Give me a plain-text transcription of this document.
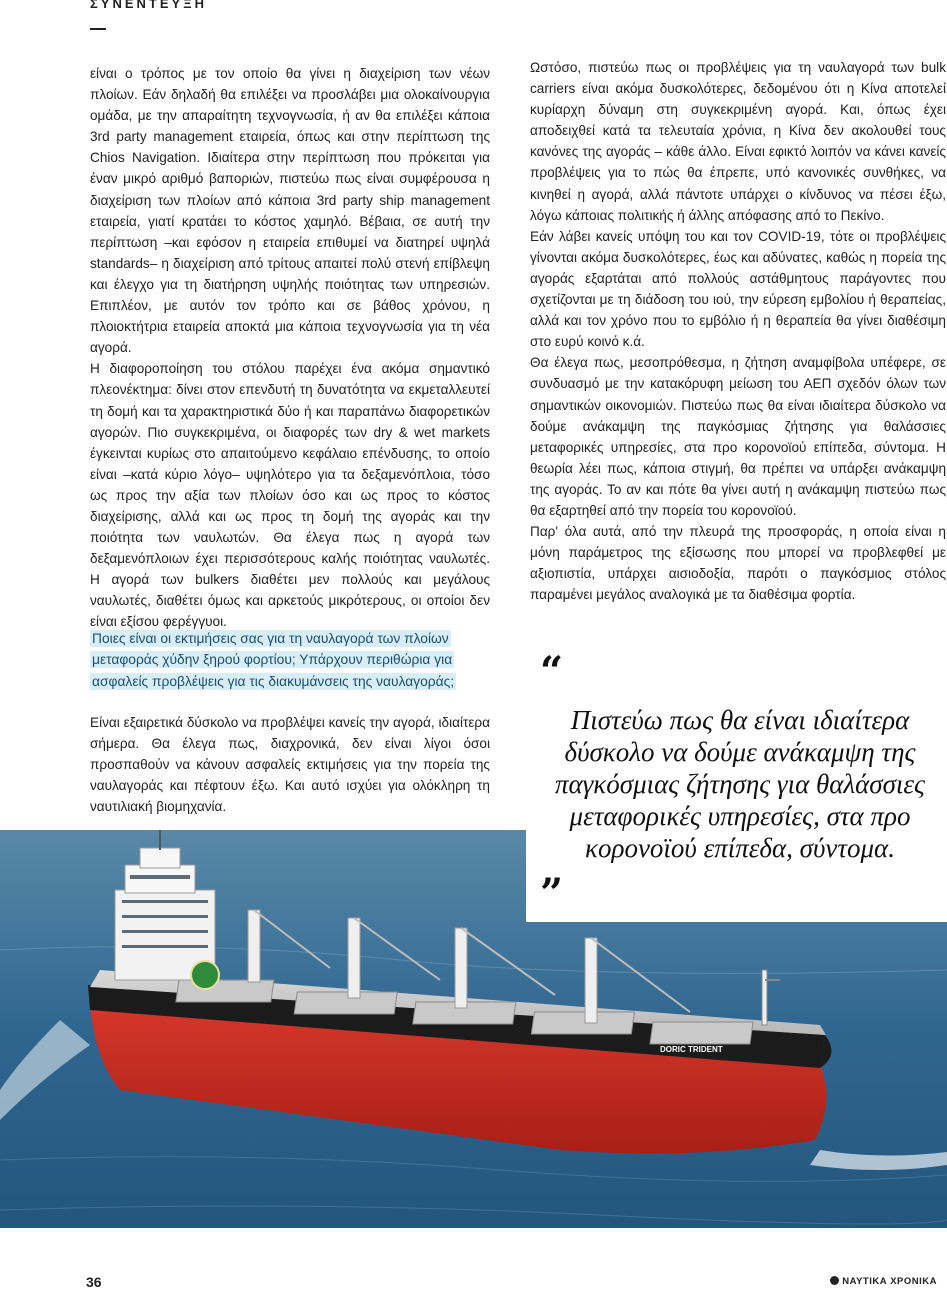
ΣΥΝΕΝΤΕΥΞΗ

είναι ο τρόπος με τον οποίο θα γίνει η διαχείριση των νέων πλοίων. Εάν δηλαδή θα επιλέξει να προσλάβει μια ολοκαίνουργια ομάδα, με την απαραίτητη τεχνογνωσία, ή αν θα επιλέξει κάποια 3rd party management εταιρεία, όπως και στην περίπτωση της Chios Navigation. Ιδιαίτερα στην περίπτωση που πρόκειται για έναν μικρό αριθμό βαποριών, πιστεύω πως είναι συμφέρουσα η διαχείριση των πλοίων από κάποια 3rd party ship management εταιρεία, γιατί κρατάει το κόστος χαμηλό. Βέβαια, σε αυτή την περίπτωση –και εφόσον η εταιρεία επιθυμεί να διατηρεί υψηλά standards– η διαχείριση από τρίτους απαιτεί πολύ στενή επίβλεψη και έλεγχο για τη διατήρηση υψηλής ποιότητας των υπηρεσιών. Επιπλέον, με αυτόν τον τρόπο και σε βάθος χρόνου, η πλοιοκτήτρια εταιρεία αποκτά μια κάποια τεχνογνωσία για τη νέα αγορά.

Η διαφοροποίηση του στόλου παρέχει ένα ακόμα σημαντικό πλεονέκτημα: δίνει στον επενδυτή τη δυνατότητα να εκμεταλλευτεί τη δομή και τα χαρακτηριστικά δύο ή και παραπάνω διαφορετικών αγορών. Πιο συγκεκριμένα, οι διαφορές των dry & wet markets έγκεινται κυρίως στο απαιτούμενο κεφάλαιο επένδυσης, το οποίο είναι –κατά κύριο λόγο– υψηλότερο για τα δεξαμενόπλοια, τόσο ως προς την αξία των πλοίων όσο και ως προς το κόστος διαχείρισης, αλλά και ως προς τη δομή της αγοράς και την ποιότητα των ναυλωτών. Θα έλεγα πως η αγορά των δεξαμενόπλοιων έχει περισσότερους καλής ποιότητας ναυλωτές. Η αγορά των bulkers διαθέτει μεν πολλούς και μεγάλους ναυλωτές, διαθέτει όμως και αρκετούς μικρότερους, οι οποίοι δεν είναι εξίσου φερέγγυοι.

Ποιες είναι οι εκτιμήσεις σας για τη ναυλαγορά των πλοίων μεταφοράς χύδην ξηρού φορτίου; Υπάρχουν περιθώρια για ασφαλείς προβλέψεις για τις διακυμάνσεις της ναυλαγοράς;
Είναι εξαιρετικά δύσκολο να προβλέψει κανείς την αγορά, ιδιαίτερα σήμερα. Θα έλεγα πως, διαχρονικά, δεν είναι λίγοι όσοι προσπαθούν να κάνουν ασφαλείς εκτιμήσεις για την πορεία της ναυλαγοράς και πέφτουν έξω. Και αυτό ισχύει για ολόκληρη τη ναυτιλιακή βιομηχανία.

Ωστόσο, πιστεύω πως οι προβλέψεις για τη ναυλαγορά των bulk carriers είναι ακόμα δυσκολότερες, δεδομένου ότι η Κίνα αποτελεί κυρίαρχη δύναμη στη συγκεκριμένη αγορά. Και, όπως έχει αποδειχθεί κατά τα τελευταία χρόνια, η Κίνα δεν ακολουθεί τους κανόνες της αγοράς – κάθε άλλο. Είναι εφικτό λοιπόν να κάνει κανείς προβλέψεις για το πώς θα έπρεπε, υπό κανονικές συνθήκες, να κινηθεί η αγορά, αλλά πάντοτε υπάρχει ο κίνδυνος να πέσει έξω, λόγω κάποιας πολιτικής ή άλλης απόφασης από το Πεκίνο.

Εάν λάβει κανείς υπόψη του και τον COVID-19, τότε οι προβλέψεις γίνονται ακόμα δυσκολότερες, έως και αδύνατες, καθώς η πορεία της αγοράς εξαρτάται από πολλούς αστάθμητους παράγοντες που σχετίζονται με τη διάδοση του ιού, την εύρεση εμβολίου ή θεραπείας, αλλά και τον χρόνο που το εμβόλιο ή η θεραπεία θα γίνει διαθέσιμη στο ευρύ κοινό κ.ά.

Θα έλεγα πως, μεσοπρόθεσμα, η ζήτηση αναμφίβολα υπέφερε, σε συνδυασμό με την κατακόρυφη μείωση του ΑΕΠ σχεδόν όλων των σημαντικών οικονομιών. Πιστεύω πως θα είναι ιδιαίτερα δύσκολο να δούμε ανάκαμψη της παγκόσμιας ζήτησης για θαλάσσιες μεταφορικές υπηρεσίες, στα προ κορονοϊού επίπεδα, σύντομα. Η θεωρία λέει πως, κάποια στιγμή, θα πρέπει να υπάρξει ανάκαμψη της αγοράς. Το αν και πότε θα γίνει αυτή η ανάκαμψη πιστεύω πως θα εξαρτηθεί από την πορεία του κορονοϊού.

Παρ' όλα αυτά, από την πλευρά της προσφοράς, η οποία είναι η μόνη παράμετρος της εξίσωσης που μπορεί να προβλεφθεί με αξιοπιστία, υπάρχει αισιοδοξία, παρότι ο παγκόσμιος στόλος παραμένει μεγάλος αναλογικά με τα διαθέσιμα φορτία.

DORIC TRIDENT
“
Πιστεύω πως θα είναι ιδιαίτερα δύσκολο να δούμε ανάκαμψη της παγκόσμιας ζήτησης για θαλάσσιες μεταφορικές υπηρεσίες, στα προ κορονοϊού επίπεδα, σύντομα.
”
36	ΝΑΥΤΙΚΑ ΧΡΟΝΙΚΑ
